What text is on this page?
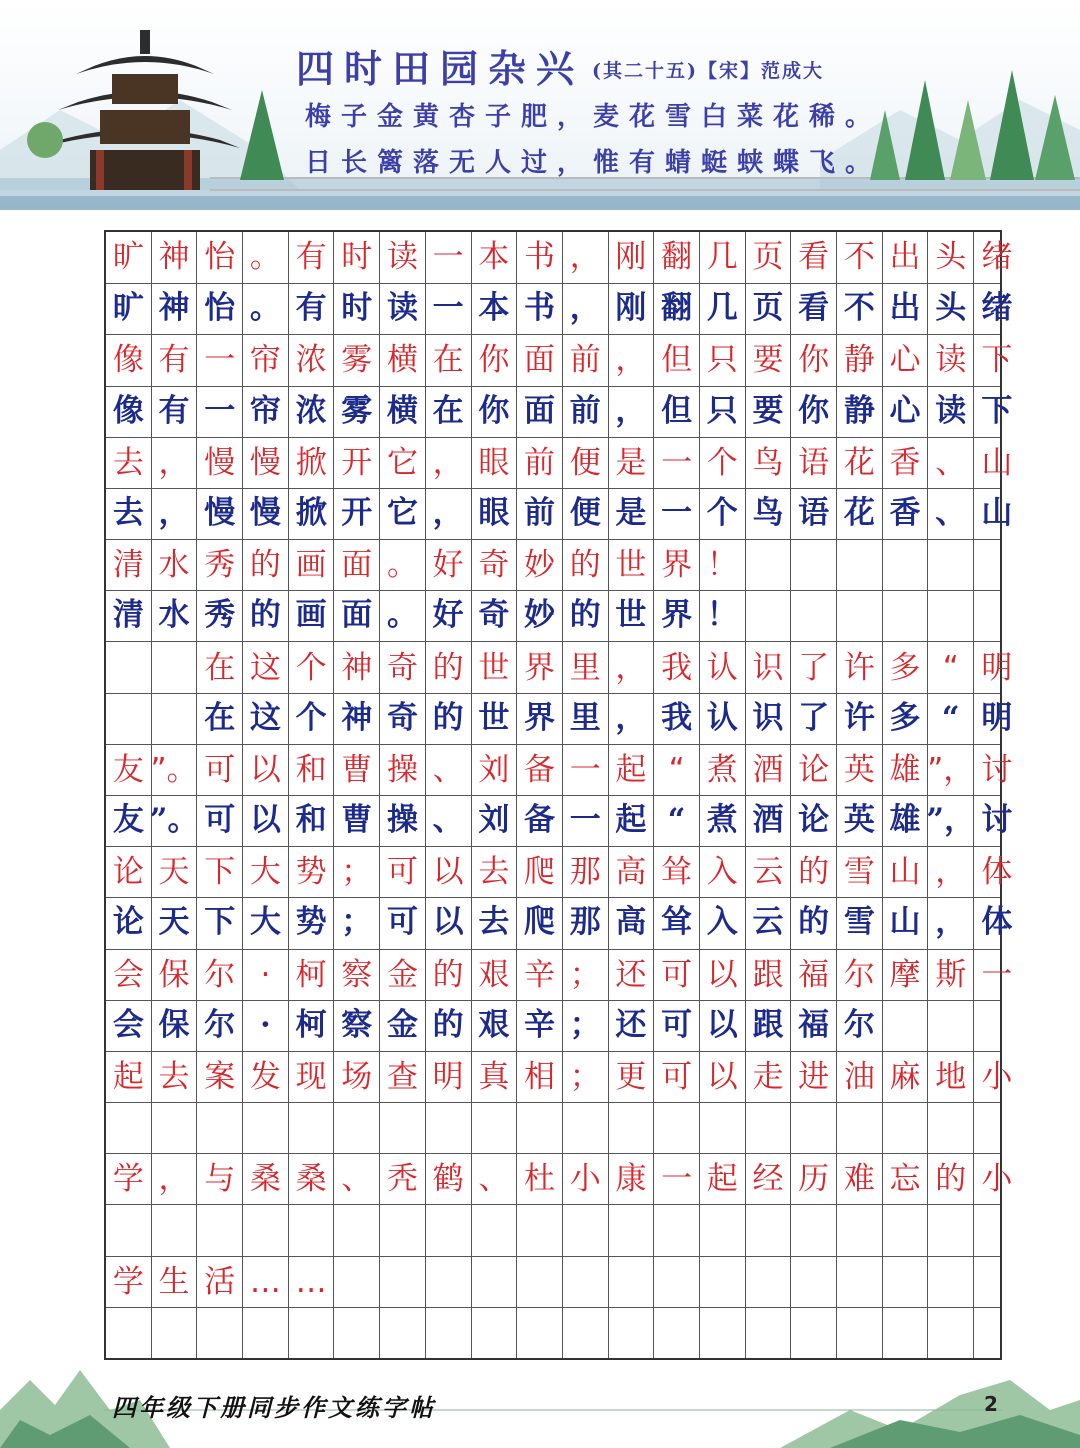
四时田园杂兴 (其二十五)【宋】范成大
梅子金黄杏子肥，麦花雪白菜花稀。
日长篱落无人过，惟有蜻蜓蛱蝶飞。
旷 神 怡 。 有 时 读 一 本 书 ， 刚 翻 几 页 看 不 出 头 绪
旷 神 怡 。 有 时 读 一 本 书 ， 刚 翻 几 页 看 不 出 头 绪
像 有 一 帘 浓 雾 横 在 你 面 前 ， 但 只 要 你 静 心 读 下
像 有 一 帘 浓 雾 横 在 你 面 前 ， 但 只 要 你 静 心 读 下
去 ， 慢 慢 掀 开 它 ， 眼 前 便 是 一 个 鸟 语 花 香 、 山
去 ， 慢 慢 掀 开 它 ， 眼 前 便 是 一 个 鸟 语 花 香 、 山
清 水 秀 的 画 面 。 好 奇 妙 的 世 界 ！
清 水 秀 的 画 面 。 好 奇 妙 的 世 界 ！
在 这 个 神 奇 的 世 界 里 ， 我 认 识 了 许 多 “ 明
在 这 个 神 奇 的 世 界 里 ， 我 认 识 了 许 多 “ 明
友 ”。 可 以 和 曹 操 、 刘 备 一 起 “ 煮 酒 论 英 雄 ”， 讨
友 ”。 可 以 和 曹 操 、 刘 备 一 起 “ 煮 酒 论 英 雄 ”， 讨
论 天 下 大 势 ； 可 以 去 爬 那 高 耸 入 云 的 雪 山 ， 体
论 天 下 大 势 ； 可 以 去 爬 那 高 耸 入 云 的 雪 山 ， 体
会 保 尔 · 柯 察 金 的 艰 辛 ； 还 可 以 跟 福 尔 摩 斯 一
会 保 尔 · 柯 察 金 的 艰 辛 ； 还 可 以 跟 福 尔
起 去 案 发 现 场 查 明 真 相 ； 更 可 以 走 进 油 麻 地 小
学 ， 与 桑 桑 、 秃 鹤 、 杜 小 康 一 起 经 历 难 忘 的 小
学 生 活 … …
四年级下册同步作文练字帖	2
